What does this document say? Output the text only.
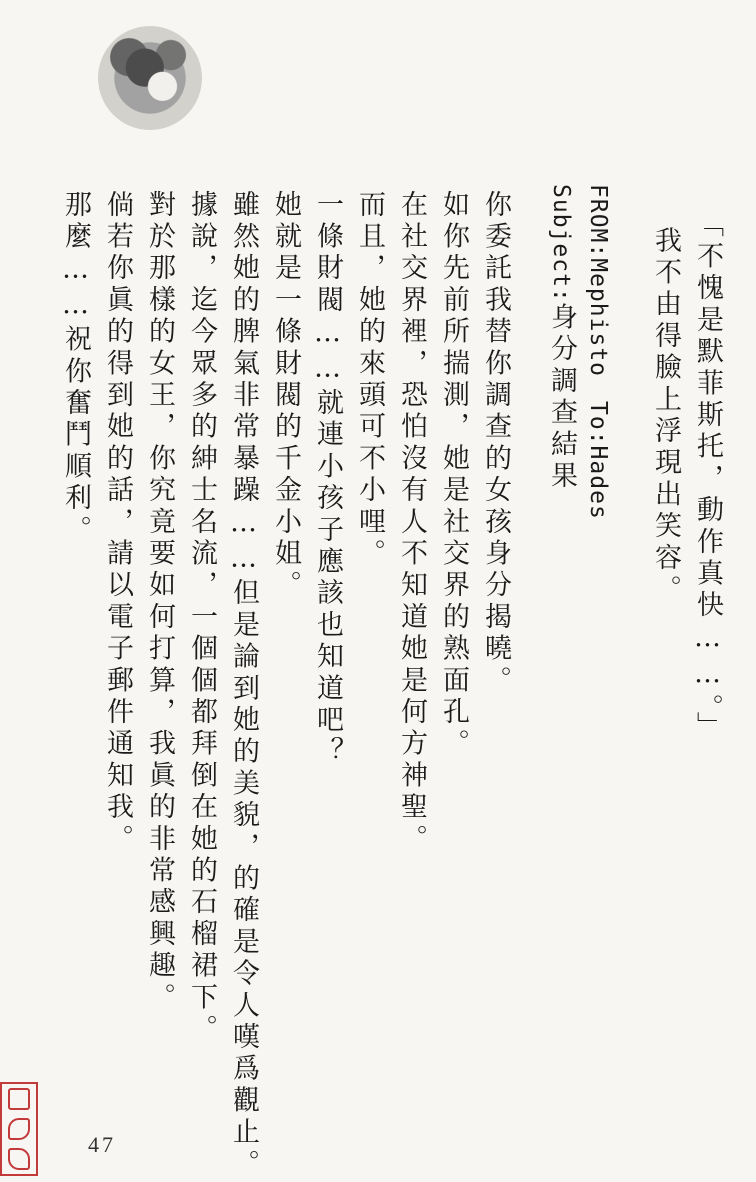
「不愧是默菲斯托，動作真快……。」
我不由得臉上浮現出笑容。
FROM:Mephisto　To:Hades
Subject:身分調查結果
你委託我替你調查的女孩身分揭曉。
如你先前所揣測，她是社交界的熟面孔。
在社交界裡，恐怕沒有人不知道她是何方神聖。
而且，她的來頭可不小哩。
一條財閥……就連小孩子應該也知道吧？
她就是一條財閥的千金小姐。
雖然她的脾氣非常暴躁……但是論到她的美貌，的確是令人嘆爲觀止。
據說，迄今眾多的紳士名流，一個個都拜倒在她的石榴裙下。
對於那樣的女王，你究竟要如何打算，我眞的非常感興趣。
倘若你眞的得到她的話，請以電子郵件通知我。
那麼……祝你奮鬥順利。
47
